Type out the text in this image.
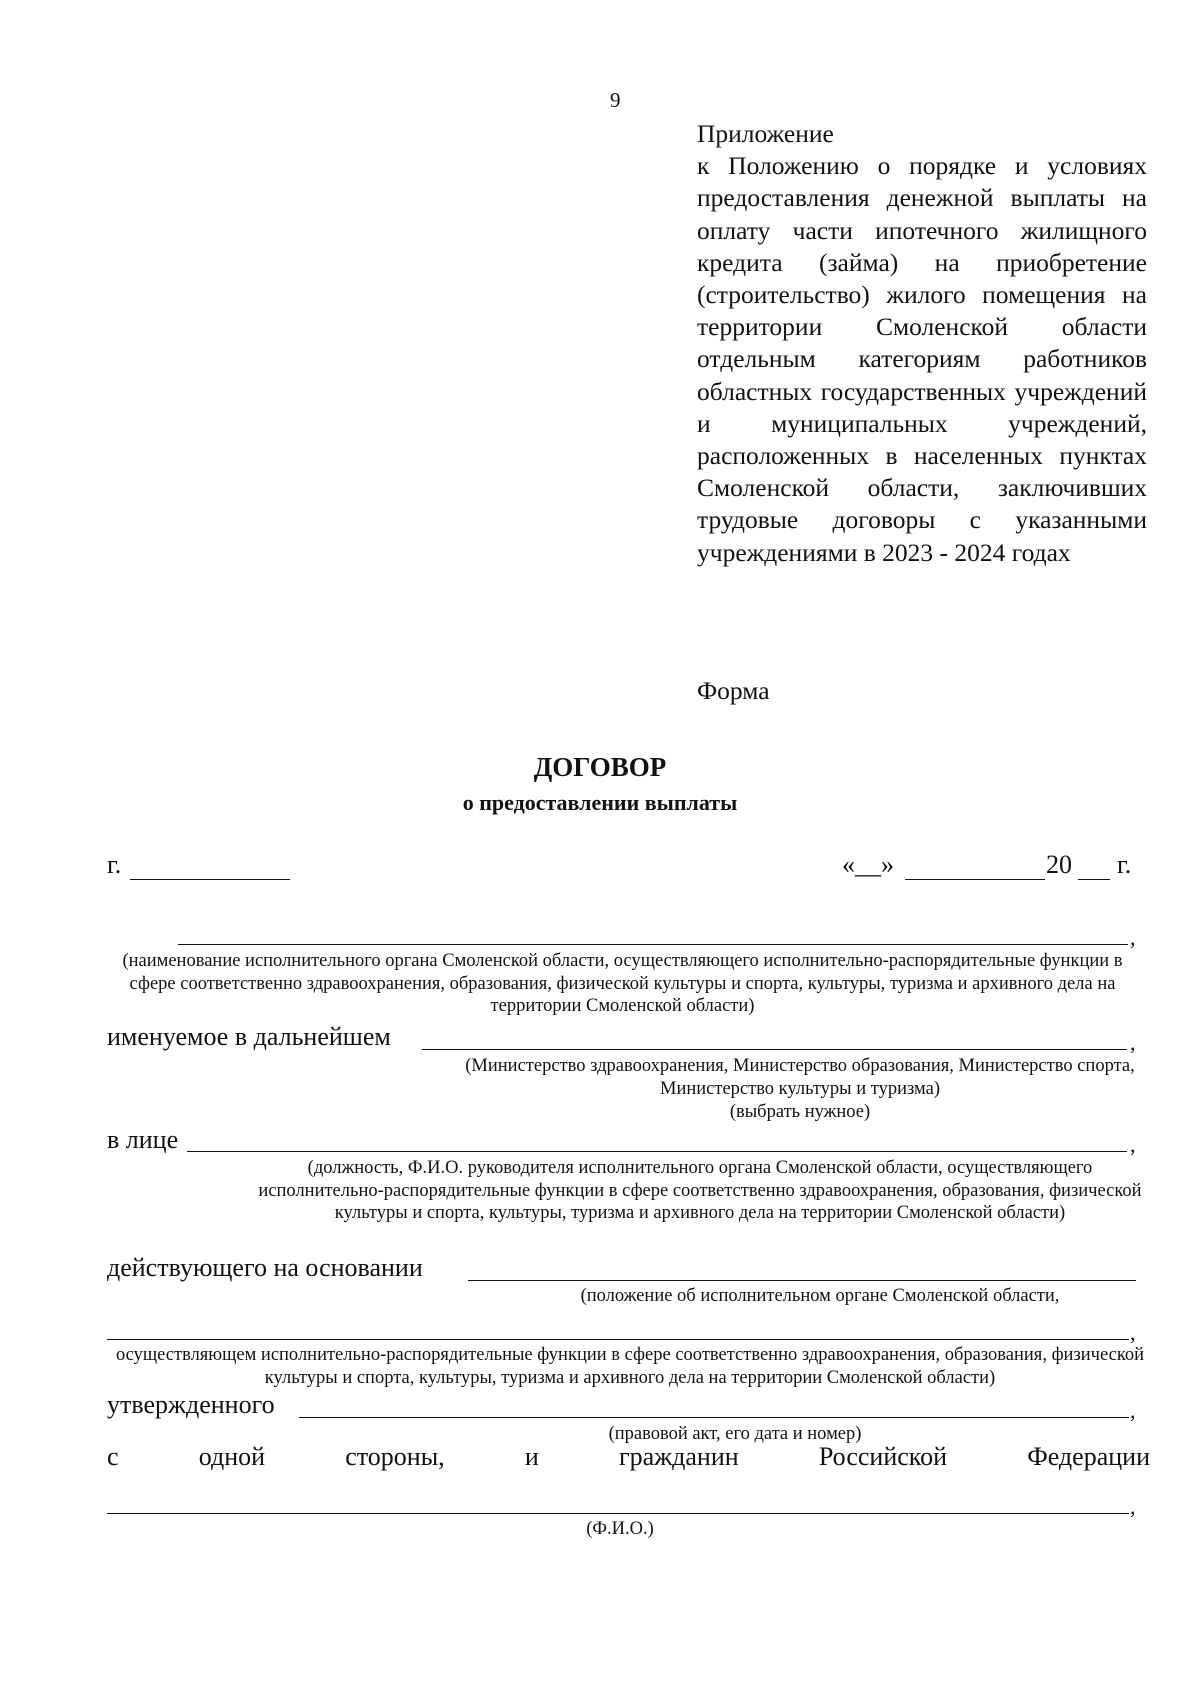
9
Приложение
к Положению о порядке и условиях предоставления денежной выплаты на оплату части ипотечного жилищного кредита (займа) на приобретение (строительство) жилого помещения на территории Смоленской области отдельным категориям работников областных государственных учреждений и муниципальных учреждений, расположенных в населенных пунктах Смоленской области, заключивших трудовые договоры с указанными учреждениями в 2023 - 2024 годах
Форма
ДОГОВОР
о предоставлении выплаты
г.	«__»	20 г.
,
(наименование исполнительного органа Смоленской области, осуществляющего исполнительно-распорядительные функции в сфере соответственно здравоохранения, образования, физической культуры и спорта, культуры, туризма и архивного дела на территории Смоленской области)
именуемое в дальнейшем	,
(Министерство здравоохранения, Министерство образования, Министерство спорта, Министерство культуры и туризма)
(выбрать нужное)
в лице	,
(должность, Ф.И.О. руководителя исполнительного органа Смоленской области, осуществляющего исполнительно-распорядительные функции в сфере соответственно здравоохранения, образования, физической культуры и спорта, культуры, туризма и архивного дела на территории Смоленской области)
действующего на основании
(положение об исполнительном органе Смоленской области,
,
осуществляющем исполнительно-распорядительные функции в сфере соответственно здравоохранения, образования, физической культуры и спорта, культуры, туризма и архивного дела на территории Смоленской области)
утвержденного	,
(правовой акт, его дата и номер)
с	одной	стороны,	и	гражданин	Российской	Федерации
,
(Ф.И.О.)
